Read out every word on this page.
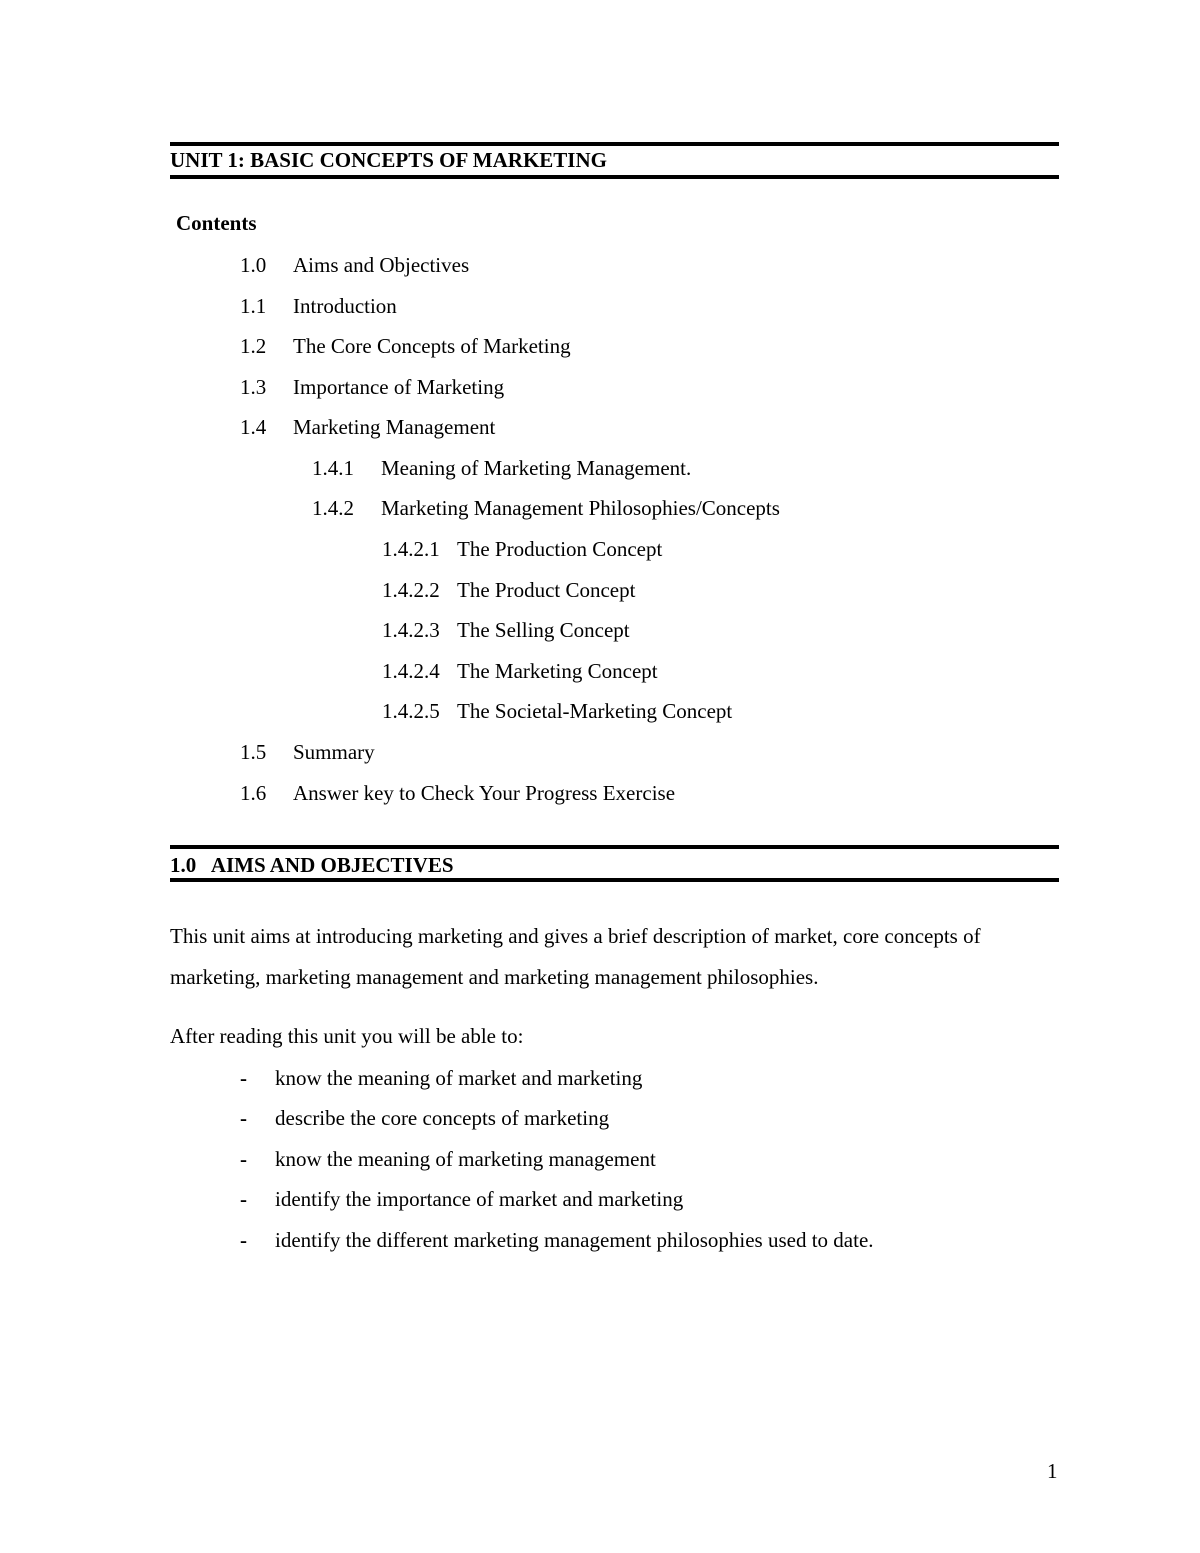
UNIT 1: BASIC CONCEPTS OF MARKETING
Contents
1.0 Aims and Objectives
1.1 Introduction
1.2 The Core Concepts of Marketing
1.3 Importance of Marketing
1.4 Marketing Management
1.4.1 Meaning of Marketing Management.
1.4.2 Marketing Management Philosophies/Concepts
1.4.2.1 The Production Concept
1.4.2.2 The Product Concept
1.4.2.3 The Selling Concept
1.4.2.4 The Marketing Concept
1.4.2.5 The Societal-Marketing Concept
1.5 Summary
1.6 Answer key to Check Your Progress Exercise
1.0   AIMS AND OBJECTIVES
This unit aims at introducing marketing and gives a brief description of market, core concepts of marketing, marketing management and marketing management philosophies.
After reading this unit you will be able to:
- know the meaning of market and marketing
- describe the core concepts of marketing
- know the meaning of marketing management
- identify the importance of market and marketing
- identify the different marketing management philosophies used to date.
1
